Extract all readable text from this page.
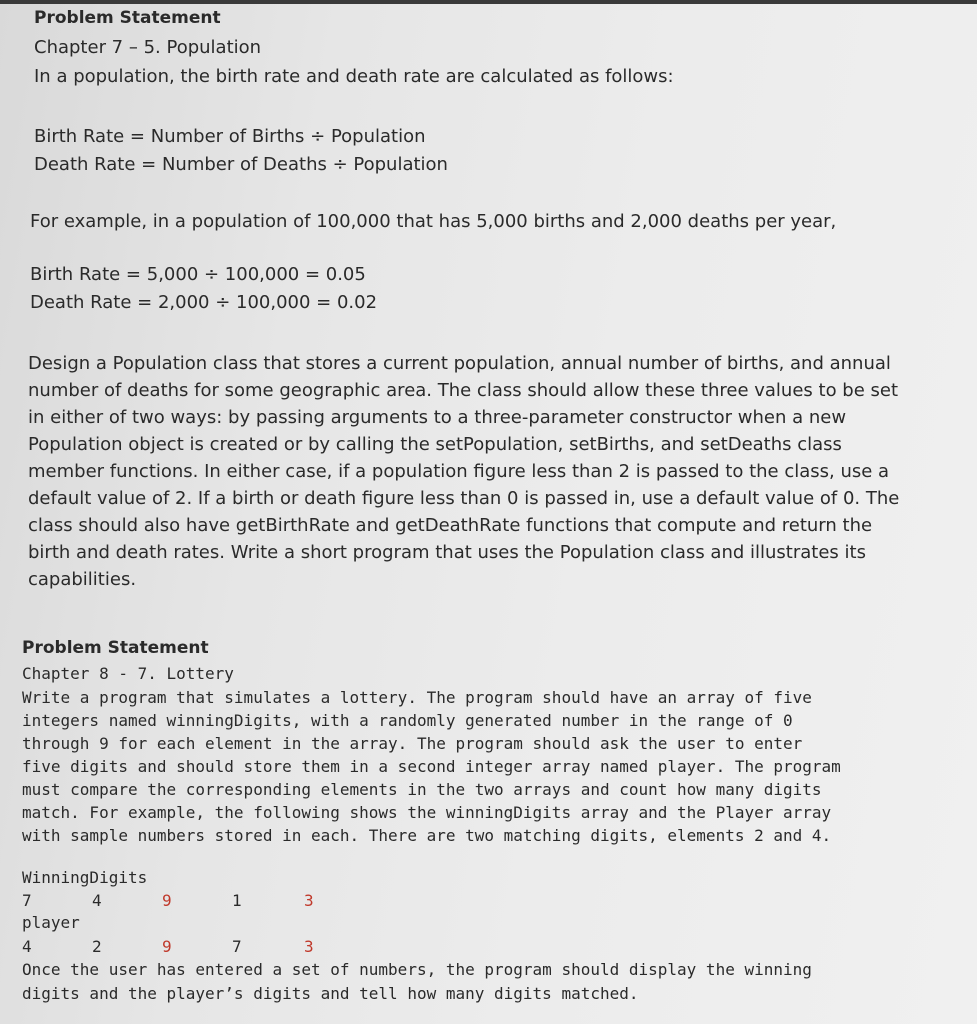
Problem Statement
Chapter 7 – 5. Population
In a population, the birth rate and death rate are calculated as follows:
Birth Rate = Number of Births ÷ Population
Death Rate = Number of Deaths ÷ Population
For example, in a population of 100,000 that has 5,000 births and 2,000 deaths per year,
Birth Rate = 5,000 ÷ 100,000 = 0.05
Death Rate = 2,000 ÷ 100,000 = 0.02
Design a Population class that stores a current population, annual number of births, and annual
number of deaths for some geographic area. The class should allow these three values to be set
in either of two ways: by passing arguments to a three-parameter constructor when a new
Population object is created or by calling the setPopulation, setBirths, and setDeaths class
member functions. In either case, if a population figure less than 2 is passed to the class, use a
default value of 2. If a birth or death figure less than 0 is passed in, use a default value of 0. The
class should also have getBirthRate and getDeathRate functions that compute and return the
birth and death rates. Write a short program that uses the Population class and illustrates its
capabilities.
Problem Statement
Chapter 8 - 7. Lottery
Write a program that simulates a lottery. The program should have an array of five
integers named winningDigits, with a randomly generated number in the range of 0
through 9 for each element in the array. The program should ask the user to enter
five digits and should store them in a second integer array named player. The program
must compare the corresponding elements in the two arrays and count how many digits
match. For example, the following shows the winningDigits array and the Player array
with sample numbers stored in each. There are two matching digits, elements 2 and 4.
WinningDigits
7	4	9	1	3
player
4	2	9	7	3
Once the user has entered a set of numbers, the program should display the winning
digits and the player’s digits and tell how many digits matched.
